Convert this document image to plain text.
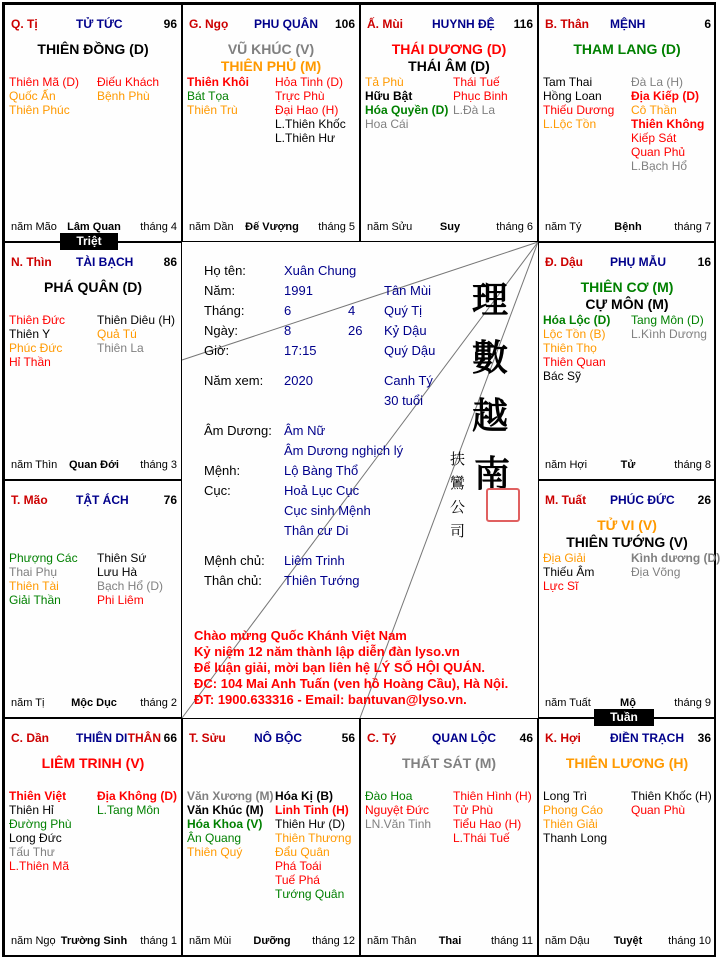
Q. Tị	TỬ TỨC	96
THIÊN ĐỒNG (D)
Thiên Mã (D)
Quốc Ấn
Thiên Phúc
Điếu Khách
Bệnh Phù
năm Mão Lâm Quan	tháng 4
G. Ngọ PHU QUÂN 106
VŨ KHÚC (V)
THIÊN PHỦ (M)
Thiên Khôi
Bát Tọa
Thiên Trù
Hỏa Tinh (D)
Trực Phù
Đại Hao (H)
L.Thiên Khốc
L.Thiên Hư
năm Dần	Đế Vượng	tháng 5
Ấ. Mùi HUYNH ĐỆ 116
THÁI DƯƠNG (D)
THÁI ÂM (D)
Tả Phù
Hữu Bật
Hóa Quyền (D)
Hoa Cái
Thái Tuế
Phục Binh
L.Đà La
năm Sửu	Suy	tháng 6
B. Thân MỆNH	6
THAM LANG (D)
Tam Thai
Hồng Loan
Thiếu Dương
L.Lộc Tồn
Đà La (H)
Địa Kiếp (D)
Cô Thần
Thiên Không
Kiếp Sát
Quan Phủ
L.Bạch Hổ
năm Tý	Bệnh	tháng 7
N. Thìn TÀI BẠCH	86
PHÁ QUÂN (D)
Thiên Đức
Thiên Y
Phúc Đức
Hỉ Thần
Thiên Diêu (H)
Quả Tú
Thiên La
năm Thìn	Quan Đới	tháng 3
Đ. Dậu PHỤ MẪU	16
THIÊN CƠ (M)
CỰ MÔN (M)
Hóa Lộc (D)
Lộc Tồn (B)
Thiên Thọ
Thiên Quan
Bác Sỹ
Tang Môn (D)
L.Kình Dương
năm Hợi	Tử	tháng 8
T. Mão TẬT ÁCH	76
Phượng Các
Thai Phụ
Thiên Tài
Giải Thần
Thiên Sứ
Lưu Hà
Bạch Hổ (D)
Phi Liêm
năm Tị	Mộc Dục	tháng 2
M. Tuất PHÚC ĐỨC 26
TỬ VI (V)
THIÊN TƯỚNG (V)
Địa Giải
Thiếu Âm
Lực Sĩ
Kình dương (D)
Địa Võng
năm Tuất	Mộ	tháng 9
C. Dần THIÊN DI THÂN 66
LIÊM TRINH (V)
Thiên Việt
Thiên Hỉ
Đường Phù
Long Đức
Tấu Thư
L.Thiên Mã
Địa Không (D)
L.Tang Môn
năm Ngọ Trường Sinh	tháng 1
T. Sửu NÔ BỘC	56
Văn Xương (M)
Văn Khúc (M)
Hóa Khoa (V)
Ân Quang
Thiên Quý
Hóa Kị (B)
Linh Tinh (H)
Thiên Hư (D)
Thiên Thương
Đẩu Quân
Phá Toái
Tuế Phá
Tướng Quân
năm Mùi	Dưỡng	tháng 12
C. Tý	QUAN LỘC 46
THẤT SÁT (M)
Đào Hoa
Nguyệt Đức
LN.Văn Tinh
Thiên Hình (H)
Tử Phù
Tiểu Hao (H)
L.Thái Tuế
năm Thân	Thai	tháng 11
K. Hợi ĐIỀN TRẠCH 36
THIÊN LƯƠNG (H)
Long Trì
Phong Cáo
Thiên Giải
Thanh Long
Thiên Khốc (H)
Quan Phù
năm Dậu	Tuyệt	tháng 10
Triệt
Tuần
Họ tên:	Xuân Chung
Năm:	1991	Tân Mùi
Tháng:	6	4 Quý Tị
Ngày:	8	26 Kỷ Dậu
Giờ:	17:15	Quý Dậu
Năm xem: 2020	Canh Tý
30 tuổi
Âm Dương: Âm Nữ
Âm Dương nghịch lý
Mệnh:	Lộ Bàng Thổ
Cục:	Hoả Lục Cục
Cục sinh Mệnh
Thân cư Di
Mệnh chủ: Liêm Trinh
Thân chủ: Thiên Tướng
理
數
越
南
扶
鸞
公
司
Chào mừng Quốc Khánh Việt Nam
Kỷ niệm 12 năm thành lập diễn đàn lyso.vn
Để luận giải, mời bạn liên hệ LÝ SỐ HỘI QUÁN.
ĐC: 104 Mai Anh Tuấn (ven hồ Hoàng Cầu), Hà Nội.
ĐT: 1900.633316 - Email: bantuvan@lyso.vn.
